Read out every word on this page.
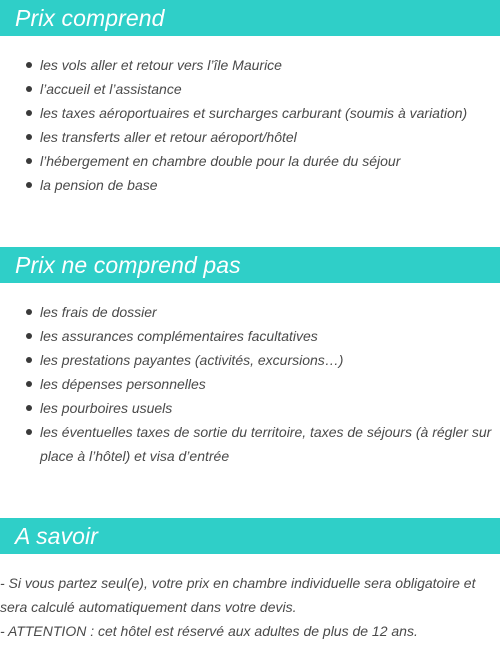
Prix comprend
les vols aller et retour vers l’île Maurice
l’accueil et l’assistance
les taxes aéroportuaires et surcharges carburant (soumis à variation)
les transferts aller et retour aéroport/hôtel
l’hébergement en chambre double pour la durée du séjour
la pension de base
Prix ne comprend pas
les frais de dossier
les assurances complémentaires facultatives
les prestations payantes (activités, excursions…)
les dépenses personnelles
les pourboires usuels
les éventuelles taxes de sortie du territoire, taxes de séjours (à régler sur place à l’hôtel) et visa d’entrée
A savoir

- Si vous partez seul(e), votre prix en chambre individuelle sera obligatoire et sera calculé automatiquement dans votre devis.

- ATTENTION : cet hôtel est réservé aux adultes de plus de 12 ans.
